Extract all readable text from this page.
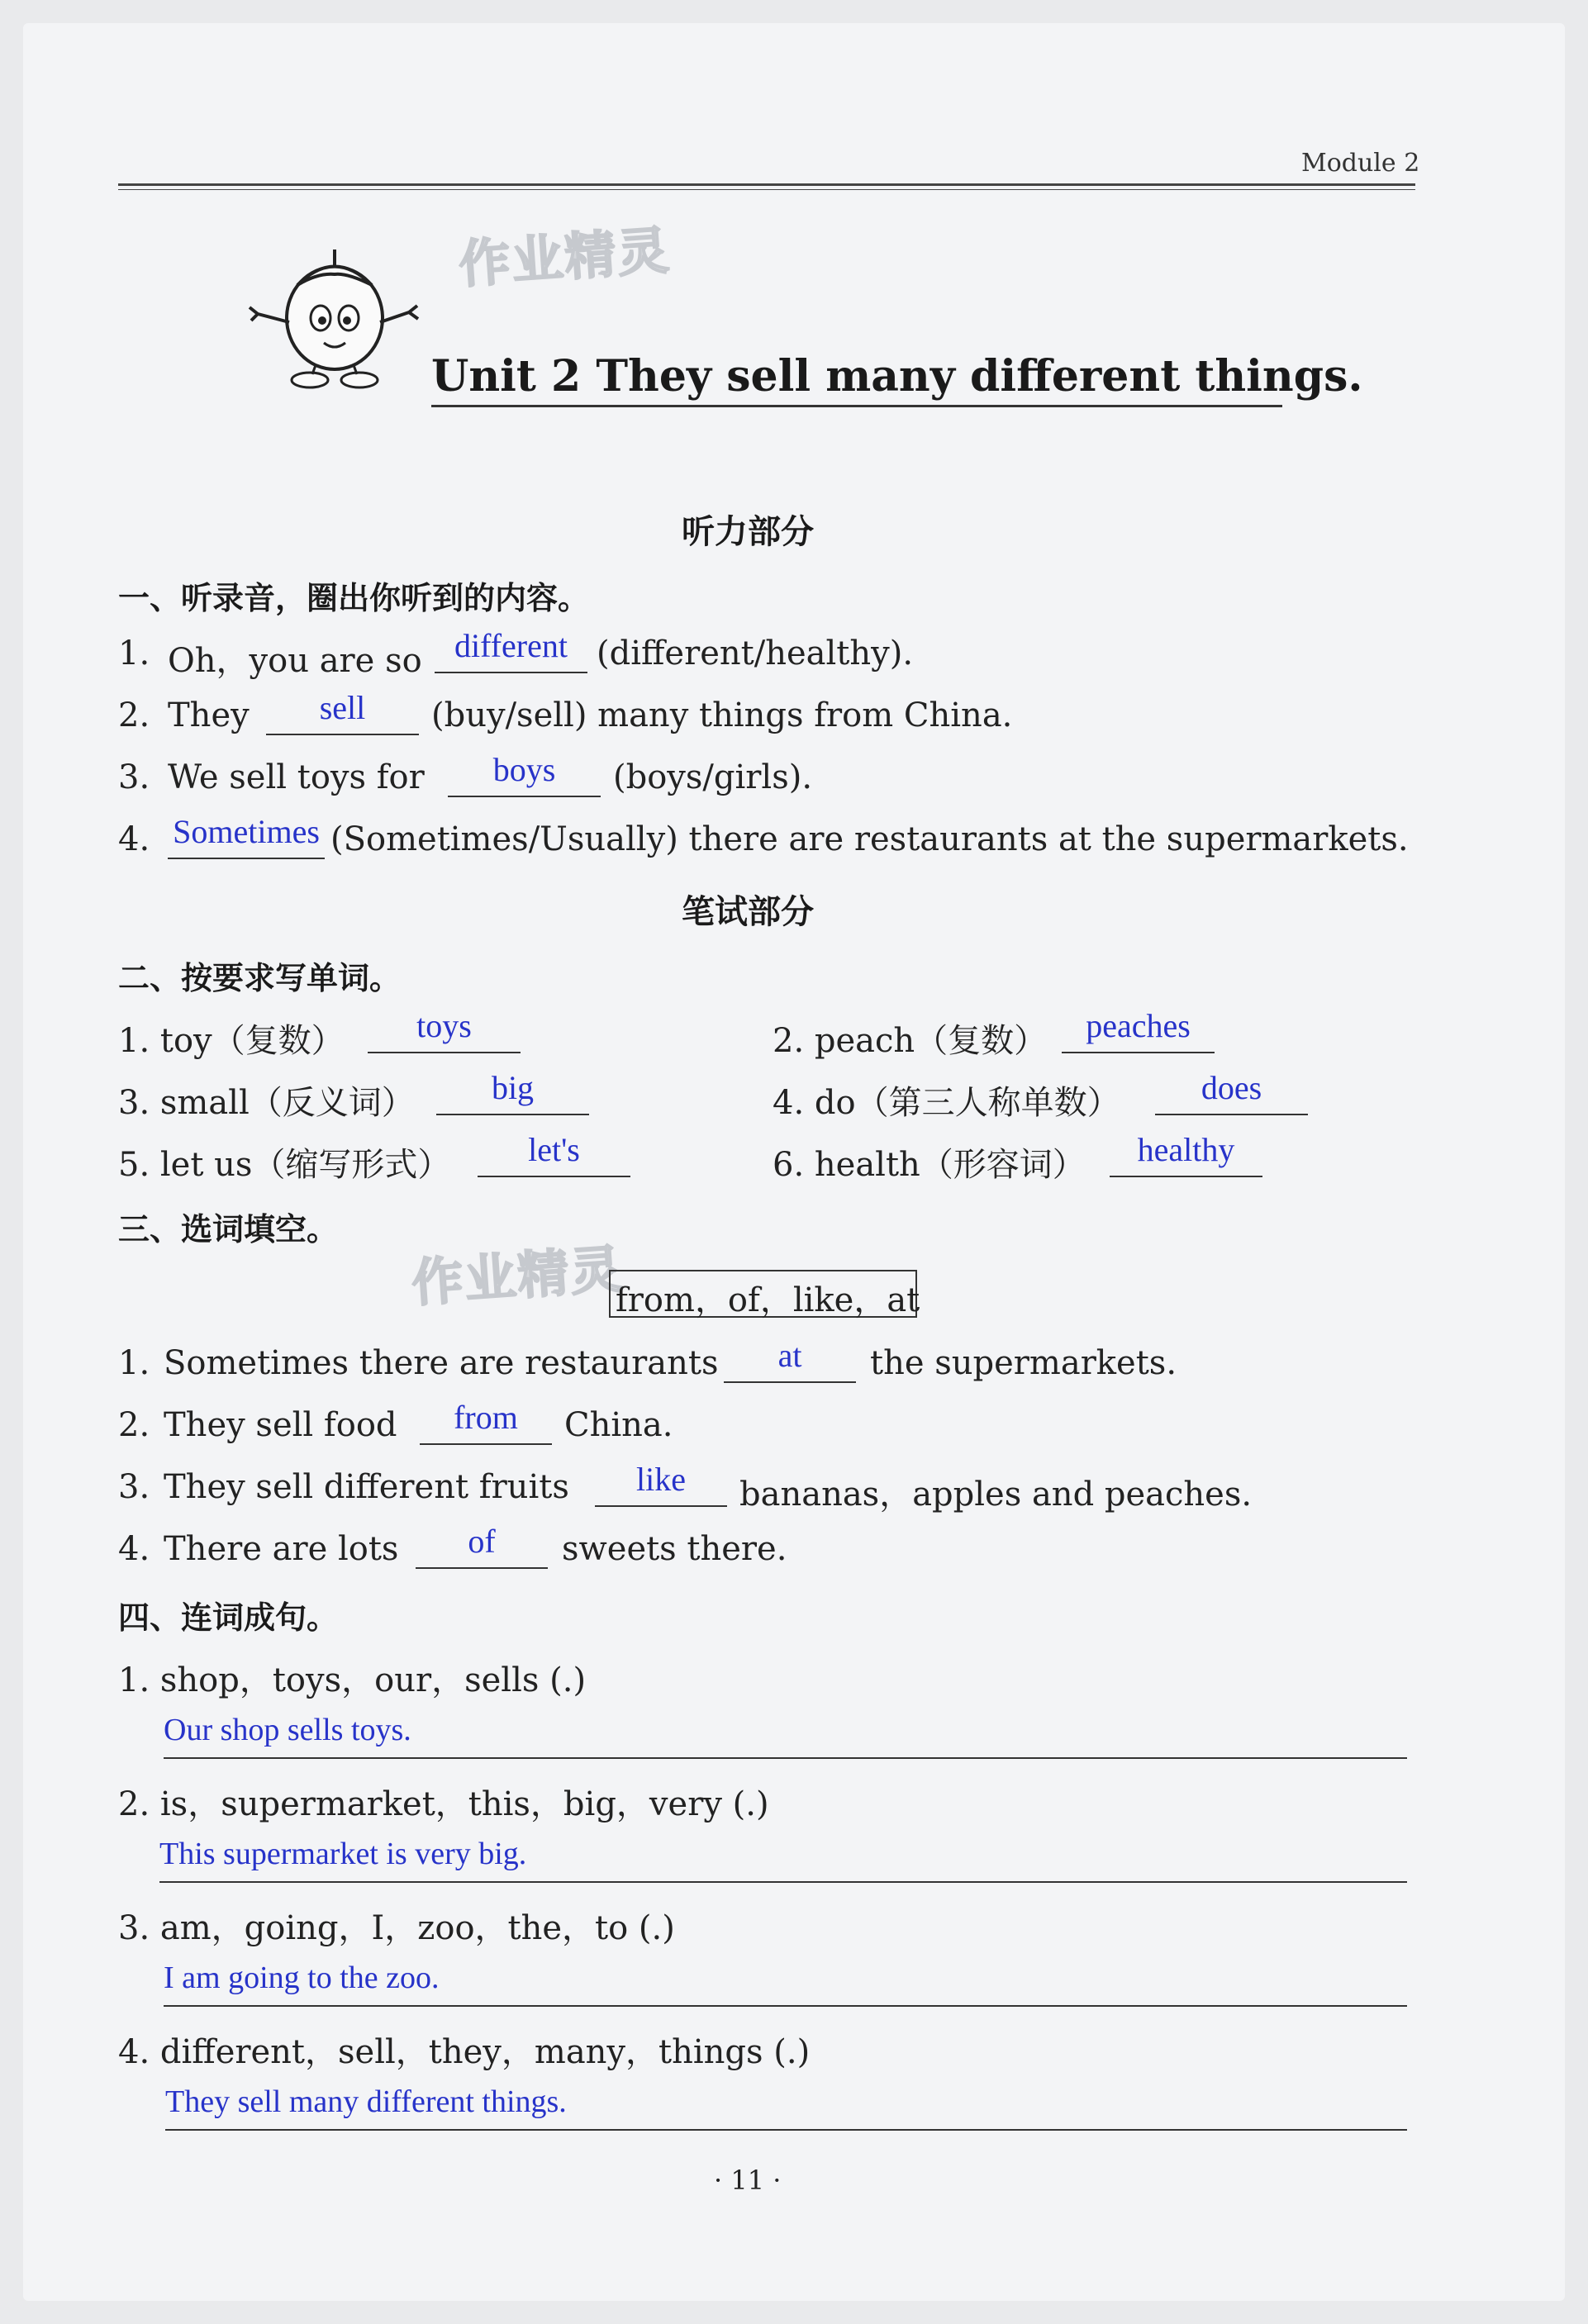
Module 2
作业精灵
Unit 2 They sell many different things.
听力部分
一、听录音，圈出你听到的内容。
1. Oh，you are so different (different/healthy).
2. They	sell	(buy/sell) many things from China.
3. We sell toys for	boys	(boys/girls).
4. Sometimes (Sometimes/Usually) there are restaurants at the supermarkets.
笔试部分
二、按要求写单词。
1. toy（复数）	toys	2. peach（复数）	peaches
3. small（反义词）	big	4. do（第三人称单数）	does
5. let us（缩写形式）	let's	6. health（形容词）	healthy
三、选词填空。
作业精灵
from，of，like，at
1. Sometimes there are restaurants	at	the supermarkets.
2. They sell food	from	China.
3. They sell different fruits	like	bananas，apples and peaches.
4. There are lots	of	sweets there.
四、连词成句。
1. shop，toys，our，sells (.)
Our shop sells toys.
2. is，supermarket，this，big，very (.)
This supermarket is very big.
3. am，going，I，zoo，the，to (.)
I am going to the zoo.
4. different，sell，they，many，things (.)
They sell many different things.
· 11 ·
